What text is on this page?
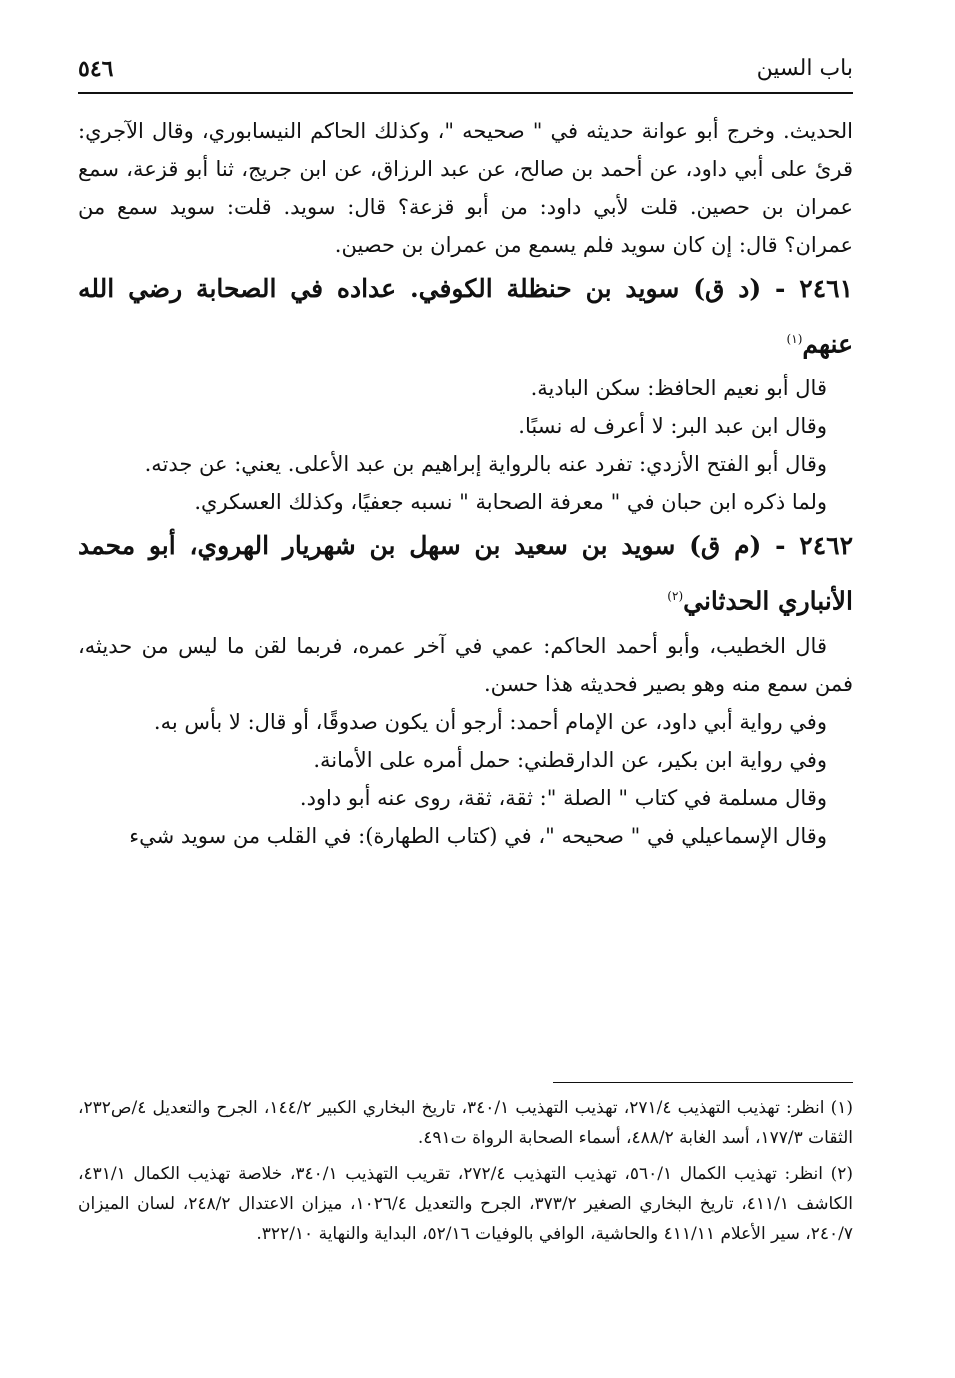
٥٤٦	باب السين

الحديث. وخرج أبو عوانة حديثه في " صحيحه "، وكذلك الحاكم النيسابوري، وقال الآجري: قرئ على أبي داود، عن أحمد بن صالح، عن عبد الرزاق، عن ابن جريج، ثنا أبو قزعة، سمع عمران بن حصين. قلت لأبي داود: من أبو قزعة؟ قال: سويد. قلت: سويد سمع من عمران؟ قال: إن كان سويد فلم يسمع من عمران بن حصين.

٢٤٦١ - (د ق) سويد بن حنظلة الكوفي. عداده في الصحابة رضي الله عنهم$^{(١)}$

قال أبو نعيم الحافظ: سكن البادية.

وقال ابن عبد البر: لا أعرف له نسبًا.

وقال أبو الفتح الأزدي: تفرد عنه بالرواية إبراهيم بن عبد الأعلى. يعني: عن جدته.

ولما ذكره ابن حبان في " معرفة الصحابة " نسبه جعفيًا، وكذلك العسكري.

٢٤٦٢ - (م ق) سويد بن سعيد بن سهل بن شهريار الهروي، أبو محمد الأنباري الحدثاني$^{(٢)}$

قال الخطيب، وأبو أحمد الحاكم: عمي في آخر عمره، فربما لقن ما ليس من حديثه، فمن سمع منه وهو بصير فحديثه هذا حسن.

وفي رواية أبي داود، عن الإمام أحمد: أرجو أن يكون صدوقًا، أو قال: لا بأس به.

وفي رواية ابن بكير، عن الدارقطني: حمل أمره على الأمانة.

وقال مسلمة في كتاب " الصلة ": ثقة، ثقة، روى عنه أبو داود.

وقال الإسماعيلي في " صحيحه "، في (كتاب الطهارة): في القلب من سويد شيء

(١) انظر: تهذيب التهذيب ٢٧١/٤، تهذيب التهذيب ٣٤٠/١، تاريخ البخاري الكبير ١٤٤/٢، الجرح والتعديل ٤/ص٢٣٢، الثقات ١٧٧/٣، أسد الغابة ٤٨٨/٢، أسماء الصحابة الرواة ت٤٩١.

(٢) انظر: تهذيب الكمال ٥٦٠/١، تهذيب التهذيب ٢٧٢/٤، تقريب التهذيب ٣٤٠/١، خلاصة تهذيب الكمال ٤٣١/١، الكاشف ٤١١/١، تاريخ البخاري الصغير ٣٧٣/٢، الجرح والتعديل ١٠٢٦/٤، ميزان الاعتدال ٢٤٨/٢، لسان الميزان ٢٤٠/٧، سير الأعلام ٤١١/١١ والحاشية، الوافي بالوفيات ٥٢/١٦، البداية والنهاية ٣٢٢/١٠.
